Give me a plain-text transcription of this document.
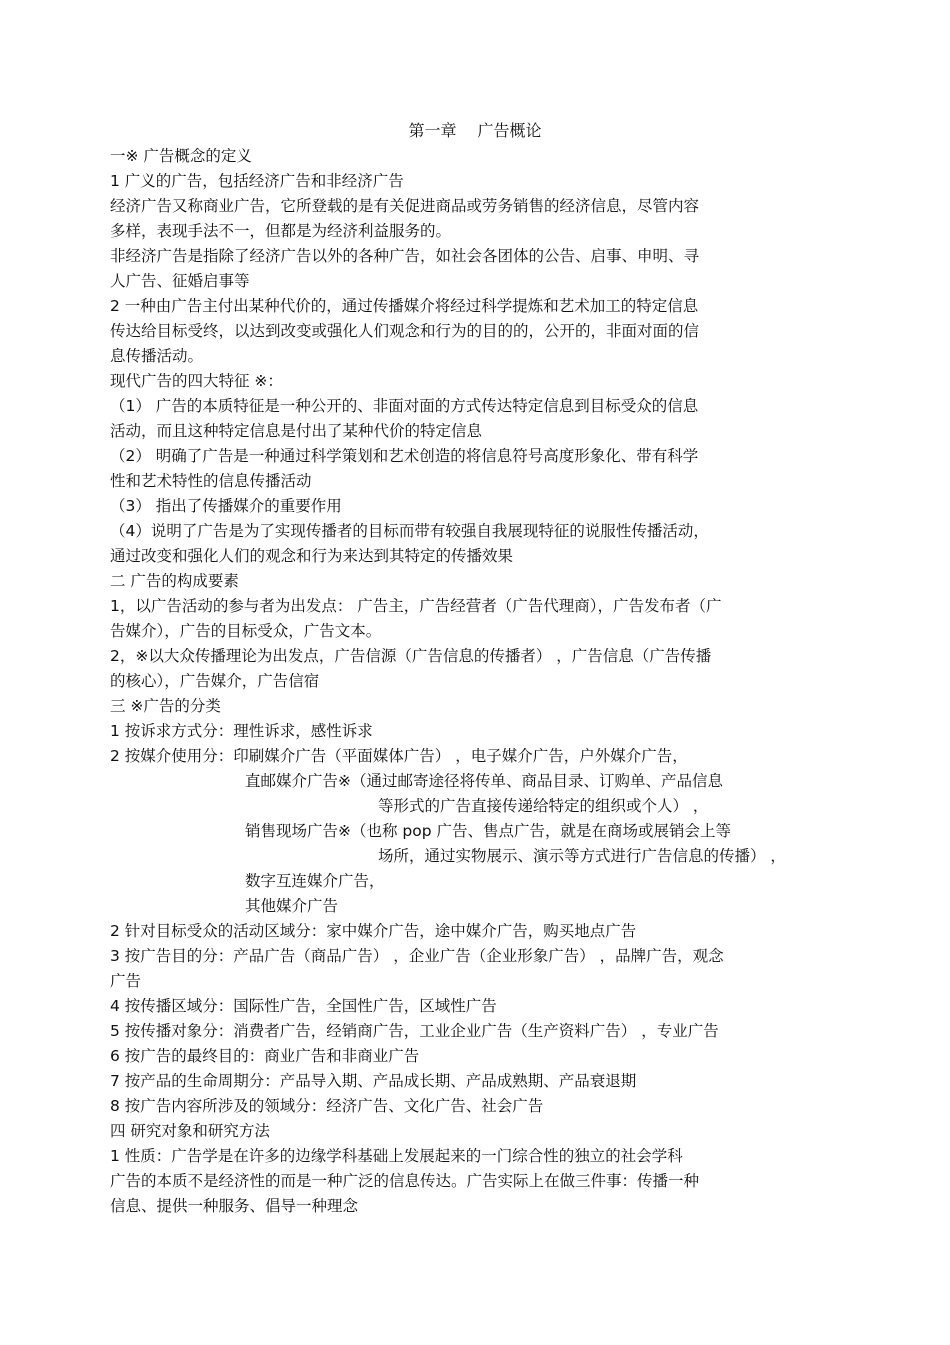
第一章　 广告概论
一※ 广告概念的定义
1 广义的广告，包括经济广告和非经济广告
经济广告又称商业广告，它所登载的是有关促进商品或劳务销售的经济信息，尽管内容
多样，表现手法不一，但都是为经济利益服务的。
非经济广告是指除了经济广告以外的各种广告，如社会各团体的公告、启事、申明、寻
人广告、征婚启事等
2 一种由广告主付出某种代价的，通过传播媒介将经过科学提炼和艺术加工的特定信息
传达给目标受终，以达到改变或强化人们观念和行为的目的的，公开的，非面对面的信
息传播活动。
现代广告的四大特征 ※：
（1） 广告的本质特征是一种公开的、非面对面的方式传达特定信息到目标受众的信息
活动，而且这种特定信息是付出了某种代价的特定信息
（2） 明确了广告是一种通过科学策划和艺术创造的将信息符号高度形象化、带有科学
性和艺术特性的信息传播活动
（3） 指出了传播媒介的重要作用
（4）说明了广告是为了实现传播者的目标而带有较强自我展现特征的说服性传播活动，
通过改变和强化人们的观念和行为来达到其特定的传播效果
二 广告的构成要素
1，以广告活动的参与者为出发点： 广告主，广告经营者（广告代理商），广告发布者（广
告媒介），广告的目标受众，广告文本。
2，※以大众传播理论为出发点，广告信源（广告信息的传播者） ，广告信息（广告传播
的核心），广告媒介，广告信宿
三 ※广告的分类
1 按诉求方式分：理性诉求，感性诉求
2 按媒介使用分：印刷媒介广告（平面媒体广告） ，电子媒介广告，户外媒介广告，
直邮媒介广告※（通过邮寄途径将传单、商品目录、订购单、产品信息
等形式的广告直接传递给特定的组织或个人） ，
销售现场广告※（也称 pop 广告、售点广告，就是在商场或展销会上等
场所，通过实物展示、演示等方式进行广告信息的传播） ，
数字互连媒介广告，
其他媒介广告
2 针对目标受众的活动区域分：家中媒介广告，途中媒介广告，购买地点广告
3 按广告目的分：产品广告（商品广告） ，企业广告（企业形象广告） ，品牌广告，观念
广告
4 按传播区域分：国际性广告，全国性广告，区域性广告
5 按传播对象分：消费者广告，经销商广告，工业企业广告（生产资料广告） ，专业广告
6 按广告的最终目的：商业广告和非商业广告
7 按产品的生命周期分：产品导入期、产品成长期、产品成熟期、产品衰退期
8 按广告内容所涉及的领域分：经济广告、文化广告、社会广告
四 研究对象和研究方法
1 性质：广告学是在许多的边缘学科基础上发展起来的一门综合性的独立的社会学科
广告的本质不是经济性的而是一种广泛的信息传达。广告实际上在做三件事：传播一种
信息、提供一种服务、倡导一种理念
